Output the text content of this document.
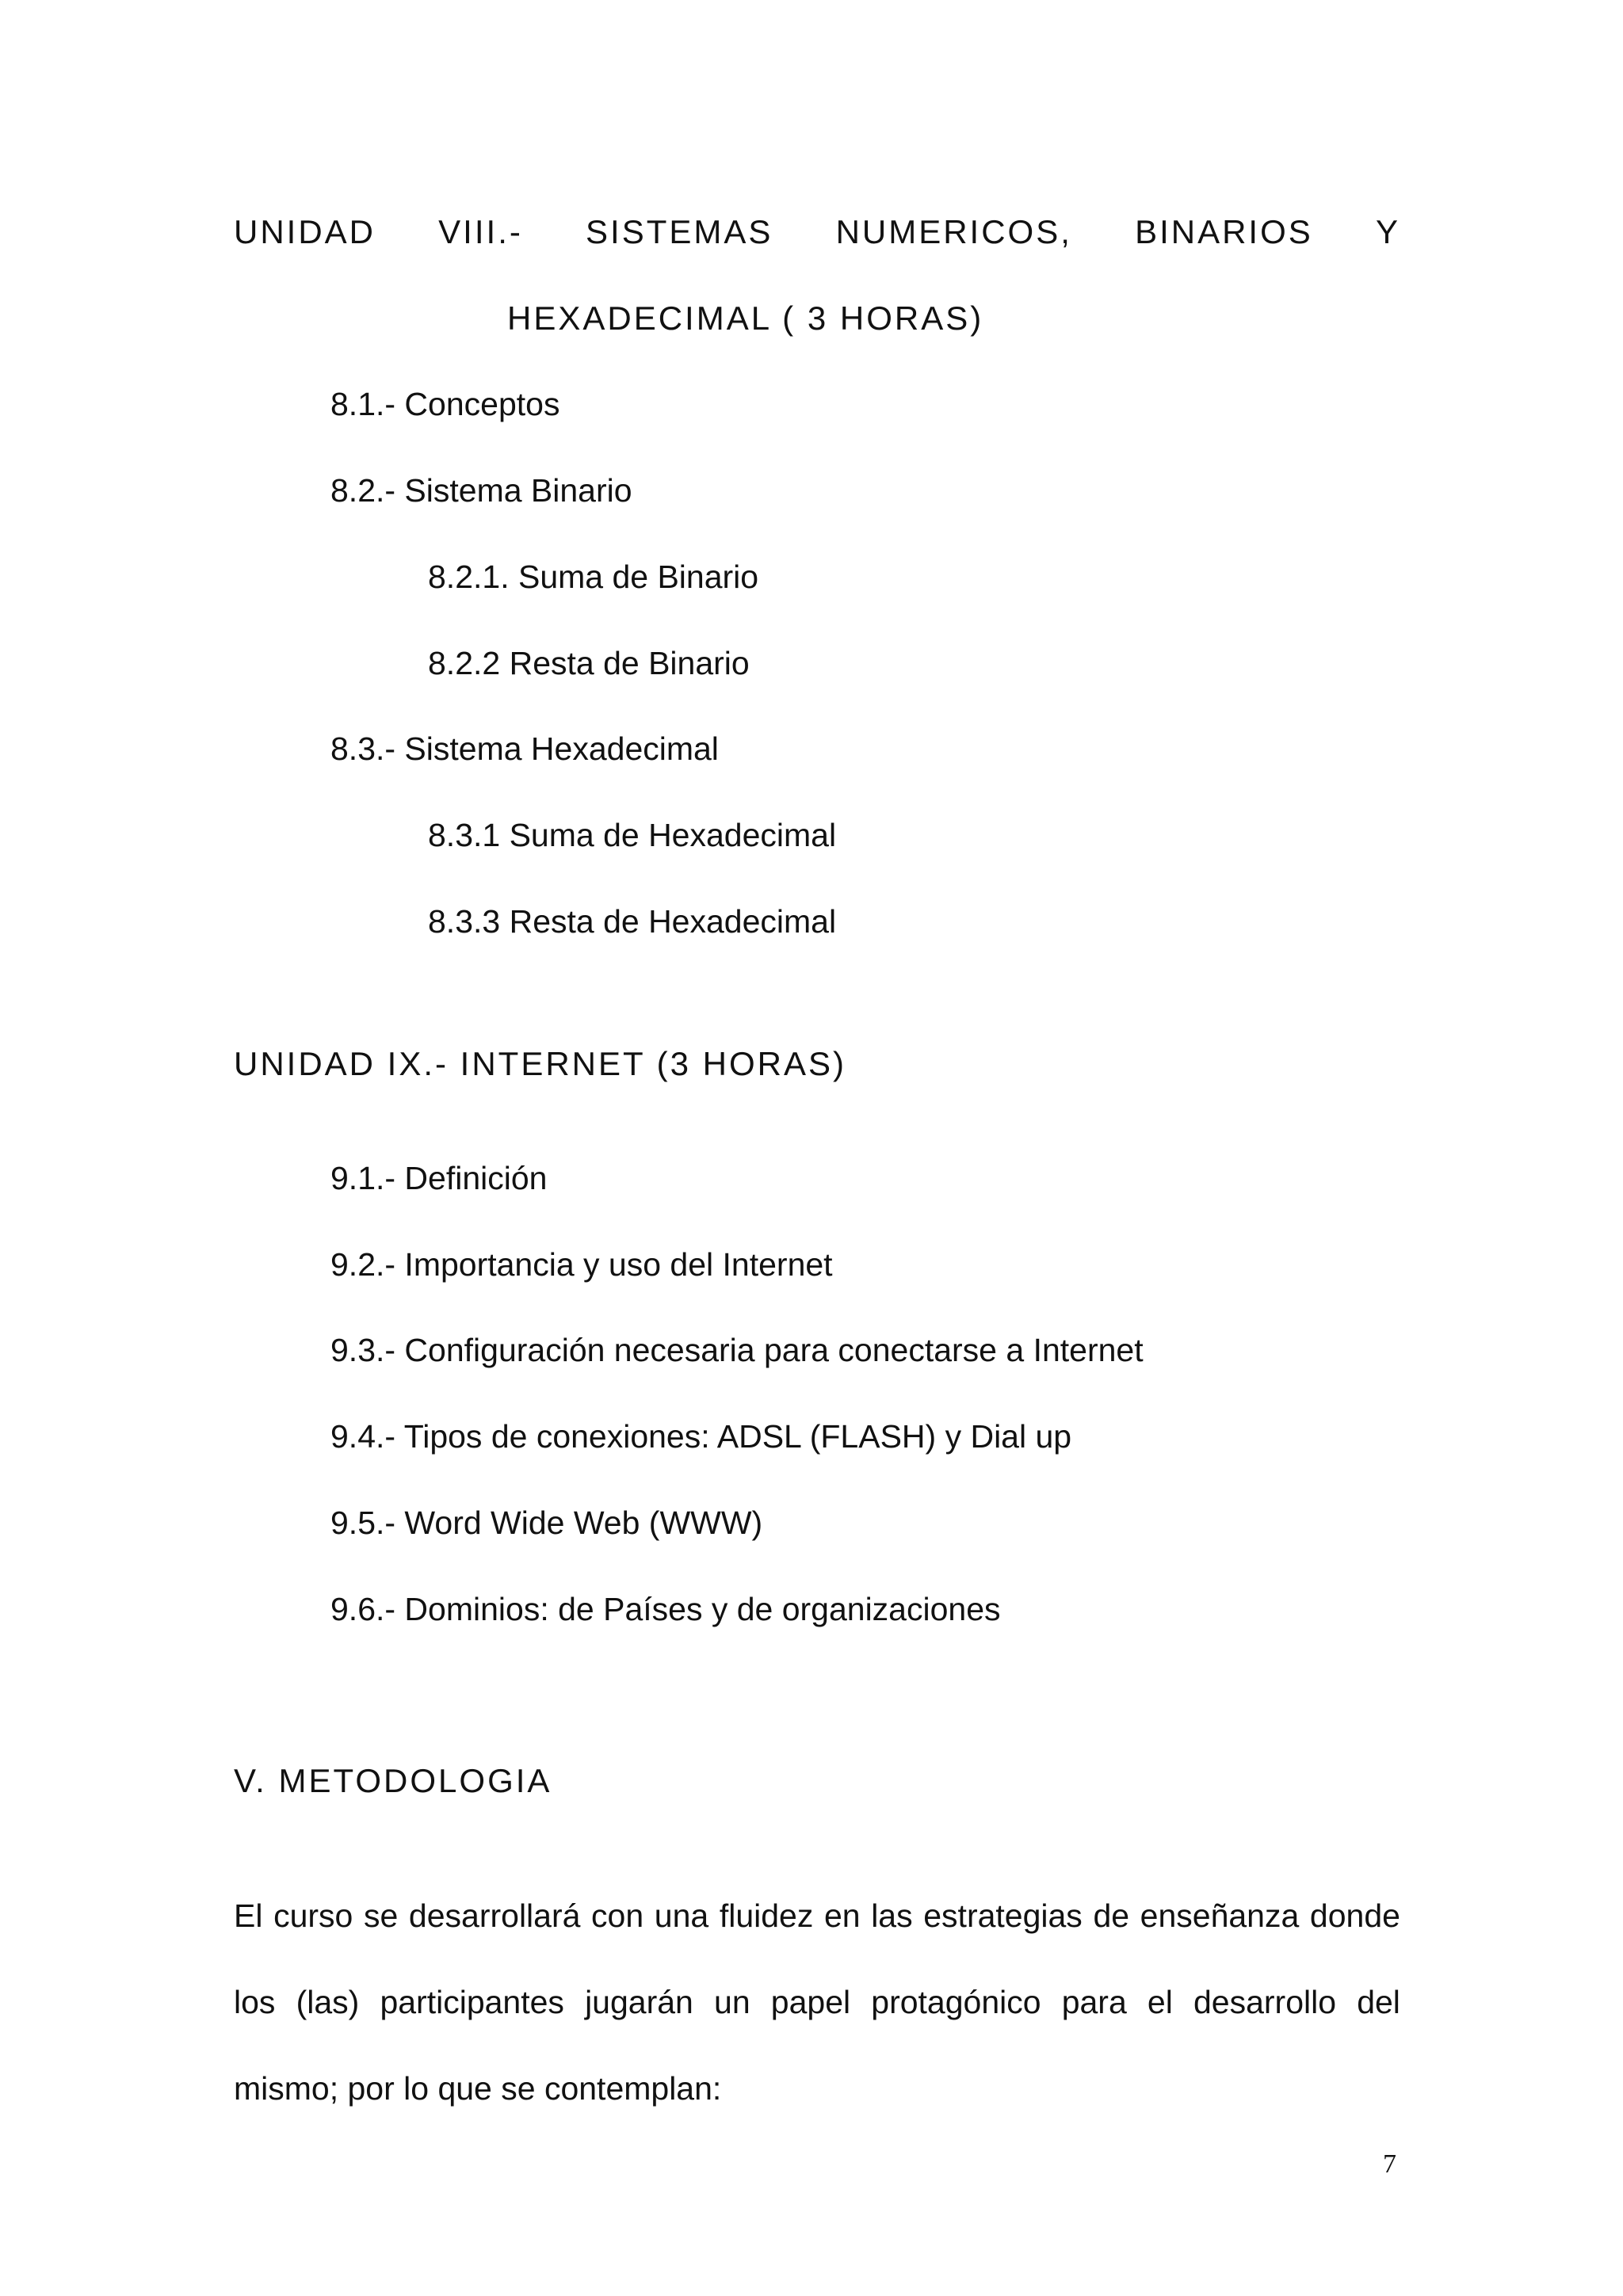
UNIDAD VIII.- SISTEMAS NUMERICOS, BINARIOS Y
HEXADECIMAL ( 3 HORAS)
8.1.- Conceptos
8.2.- Sistema Binario
8.2.1. Suma de Binario
8.2.2 Resta de Binario
8.3.- Sistema Hexadecimal
8.3.1 Suma de Hexadecimal
8.3.3 Resta de Hexadecimal
UNIDAD IX.- INTERNET (3 HORAS)
9.1.- Definición
9.2.- Importancia y uso del Internet
9.3.- Configuración necesaria para conectarse a Internet
9.4.- Tipos de conexiones: ADSL (FLASH) y Dial up
9.5.- Word Wide Web (WWW)
9.6.- Dominios: de Países y de organizaciones
V. METODOLOGIA
El curso se desarrollará con una fluidez en las estrategias de enseñanza donde
los (las) participantes jugarán un papel protagónico para el desarrollo del
mismo; por lo que se contemplan:
7
